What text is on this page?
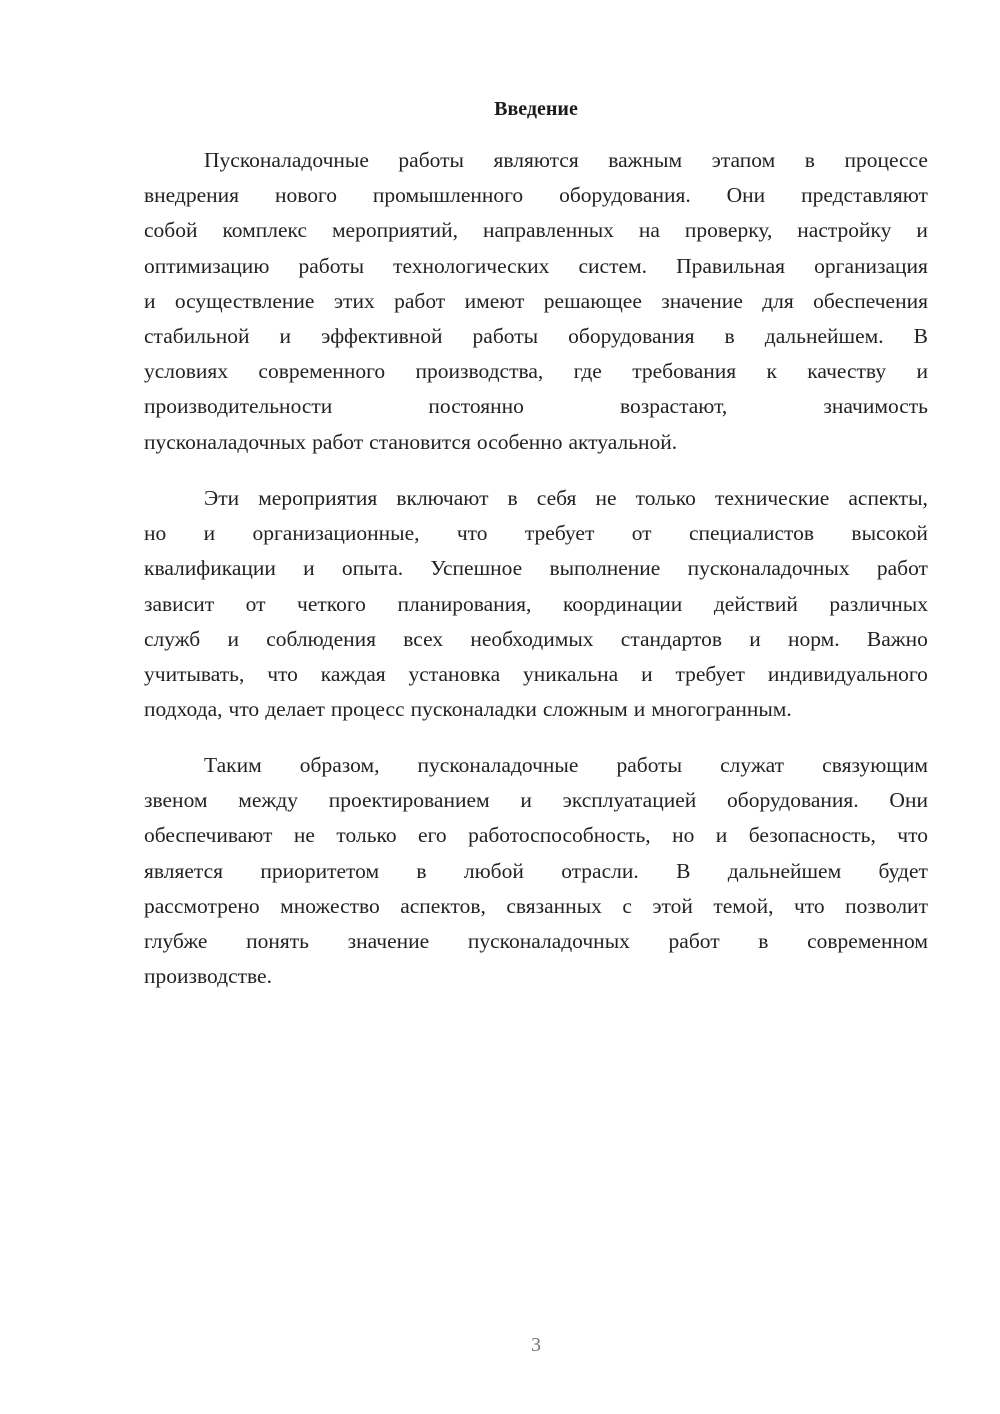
Введение
Пусконаладочные работы являются важным этапом в процессе
внедрения нового промышленного оборудования. Они представляют
собой комплекс мероприятий, направленных на проверку, настройку и
оптимизацию работы технологических систем. Правильная организация
и осуществление этих работ имеют решающее значение для обеспечения
стабильной и эффективной работы оборудования в дальнейшем. В
условиях современного производства, где требования к качеству и
производительности	постоянно	возрастают,	значимость
пусконаладочных работ становится особенно актуальной.
Эти мероприятия включают в себя не только технические аспекты,
но и организационные, что требует от специалистов высокой
квалификации и опыта. Успешное выполнение пусконаладочных работ
зависит от четкого планирования, координации действий различных
служб и соблюдения всех необходимых стандартов и норм. Важно
учитывать, что каждая установка уникальна и требует индивидуального
подхода, что делает процесс пусконаладки сложным и многогранным.
Таким образом, пусконаладочные работы служат связующим
звеном между проектированием и эксплуатацией оборудования. Они
обеспечивают не только его работоспособность, но и безопасность, что
является приоритетом в любой отрасли. В дальнейшем будет
рассмотрено множество аспектов, связанных с этой темой, что позволит
глубже понять значение пусконаладочных работ в современном
производстве.
3
